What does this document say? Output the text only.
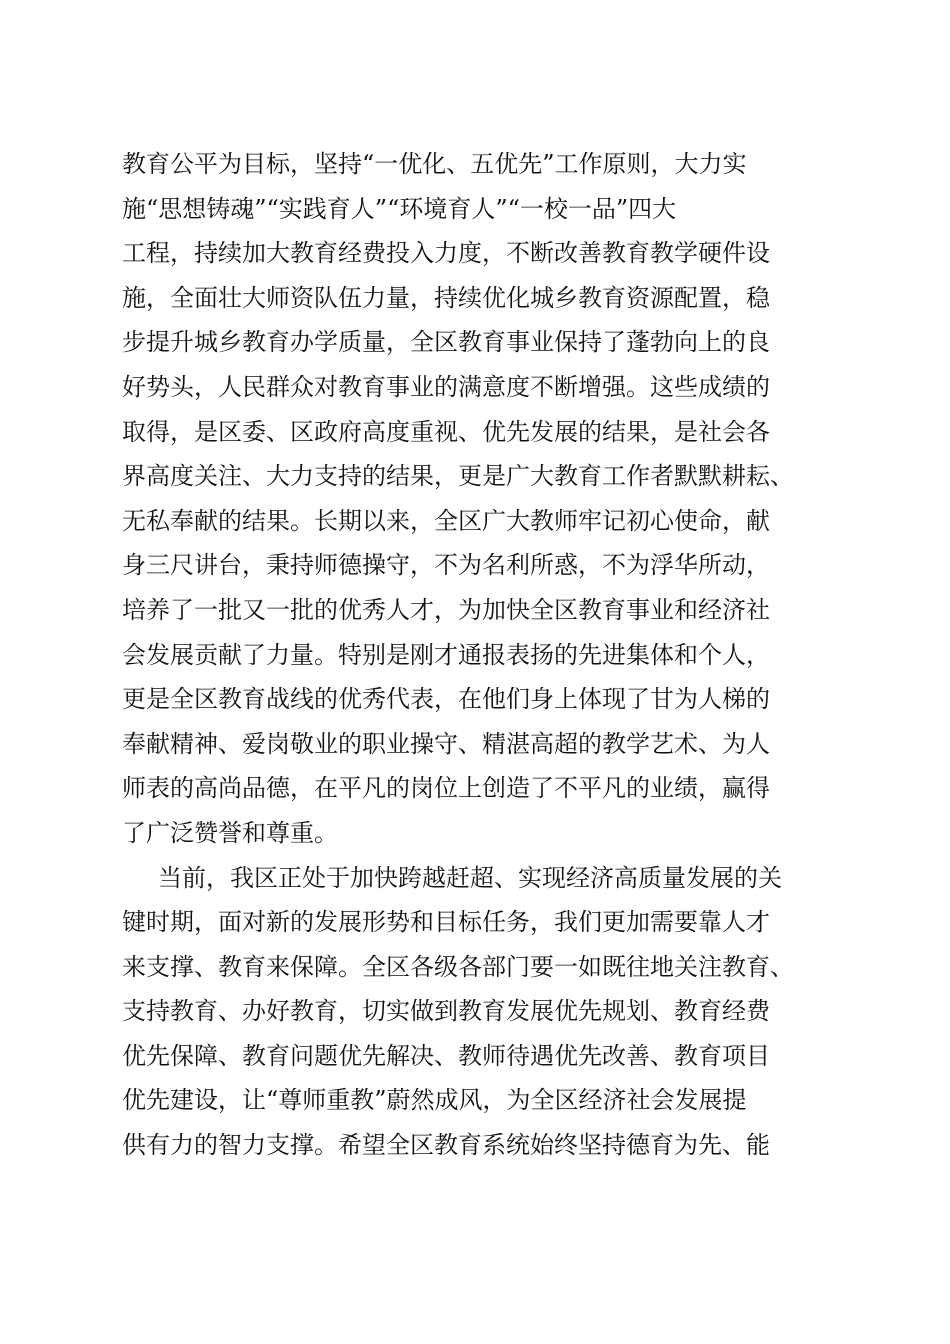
教育公平为目标，坚持“一优化、五优先”工作原则，大力实
施“思想铸魂”“实践育人”“环境育人”“一校一品”四大
工程，持续加大教育经费投入力度，不断改善教育教学硬件设
施，全面壮大师资队伍力量，持续优化城乡教育资源配置，稳
步提升城乡教育办学质量，全区教育事业保持了蓬勃向上的良
好势头，人民群众对教育事业的满意度不断增强。这些成绩的
取得，是区委、区政府高度重视、优先发展的结果，是社会各
界高度关注、大力支持的结果，更是广大教育工作者默默耕耘、
无私奉献的结果。长期以来，全区广大教师牢记初心使命，献
身三尺讲台，秉持师德操守，不为名利所惑，不为浮华所动，
培养了一批又一批的优秀人才，为加快全区教育事业和经济社
会发展贡献了力量。特别是刚才通报表扬的先进集体和个人，
更是全区教育战线的优秀代表，在他们身上体现了甘为人梯的
奉献精神、爱岗敬业的职业操守、精湛高超的教学艺术、为人
师表的高尚品德，在平凡的岗位上创造了不平凡的业绩，赢得
了广泛赞誉和尊重。
当前，我区正处于加快跨越赶超、实现经济高质量发展的关
键时期，面对新的发展形势和目标任务，我们更加需要靠人才
来支撑、教育来保障。全区各级各部门要一如既往地关注教育、
支持教育、办好教育，切实做到教育发展优先规划、教育经费
优先保障、教育问题优先解决、教师待遇优先改善、教育项目
优先建设，让“尊师重教”蔚然成风，为全区经济社会发展提
供有力的智力支撑。希望全区教育系统始终坚持德育为先、能
